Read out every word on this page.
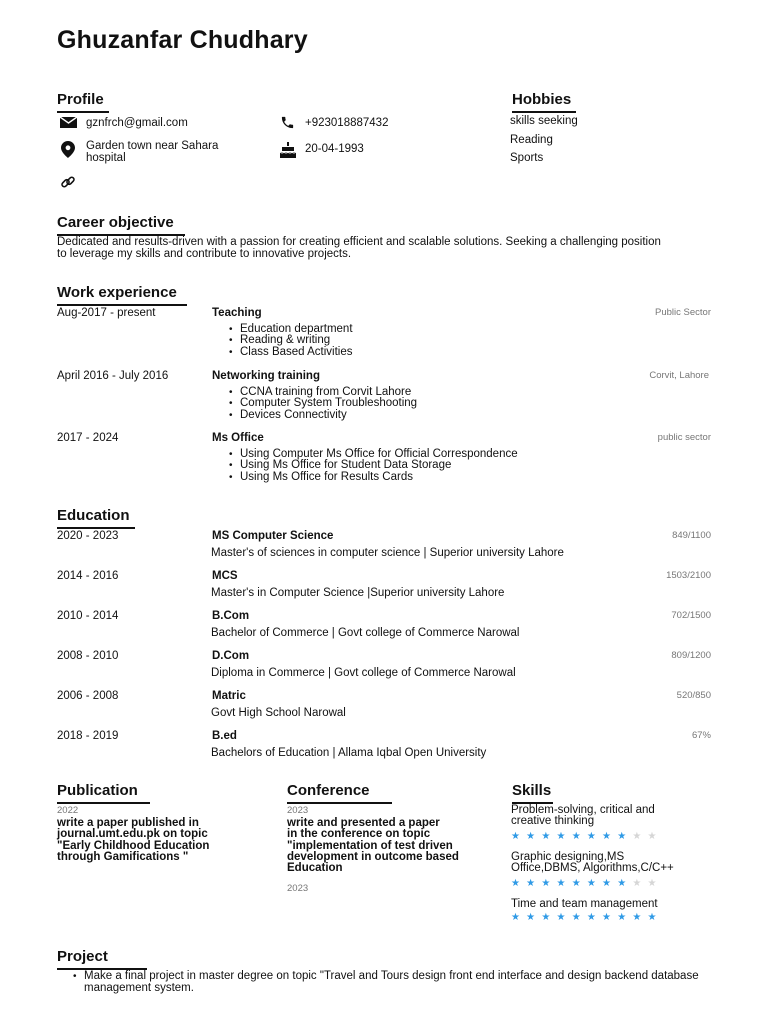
Ghuzanfar Chudhary
Profile
gznfrch@gmail.com	+923018887432
Garden town near Sahara hospital
20-04-1993
Hobbies
skills seeking
Reading
Sports
Career objective
Dedicated and results-driven with a passion for creating efficient and scalable solutions. Seeking a challenging position to leverage my skills and contribute to innovative projects.
Work experience
Aug-2017 - present	Teaching	Public Sector
• Education department
• Reading & writing
• Class Based Activities
April 2016 - July 2016	Networking training	Corvit, Lahore
• CCNA training from Corvit Lahore
• Computer System Troubleshooting
• Devices Connectivity
2017 - 2024	Ms Office	public sector
• Using Computer Ms Office for Official Correspondence
• Using Ms Office for Student Data Storage
• Using Ms Office for Results Cards
Education
2020 - 2023	MS Computer Science	849/1100
Master's of sciences in computer science | Superior university Lahore
2014 - 2016	MCS	1503/2100
Master's in Computer Science |Superior university Lahore
2010 - 2014	B.Com	702/1500
Bachelor of Commerce | Govt college of Commerce Narowal
2008 - 2010	D.Com	809/1200
Diploma in Commerce | Govt college of Commerce Narowal
2006 - 2008	Matric	520/850
Govt High School Narowal
2018 - 2019	B.ed	67%
Bachelors of Education | Allama Iqbal Open University
Publication
2022
write a paper published in
journal.umt.edu.pk on topic
"Early Childhood Education
through Gamifications "
Conference
2023
write and presented a paper
in the conference on topic
"implementation of test driven
development in outcome based
Education
2023
Skills
Problem-solving, critical and
creative thinking
★★★★★★★★★★
Graphic designing,MS
Office,DBMS, Algorithms,C/C++
★★★★★★★★★★
Time and team management
★★★★★★★★★★
Project
• Make a final project in master degree on topic "Travel and Tours design front end interface and design backend database management system.
